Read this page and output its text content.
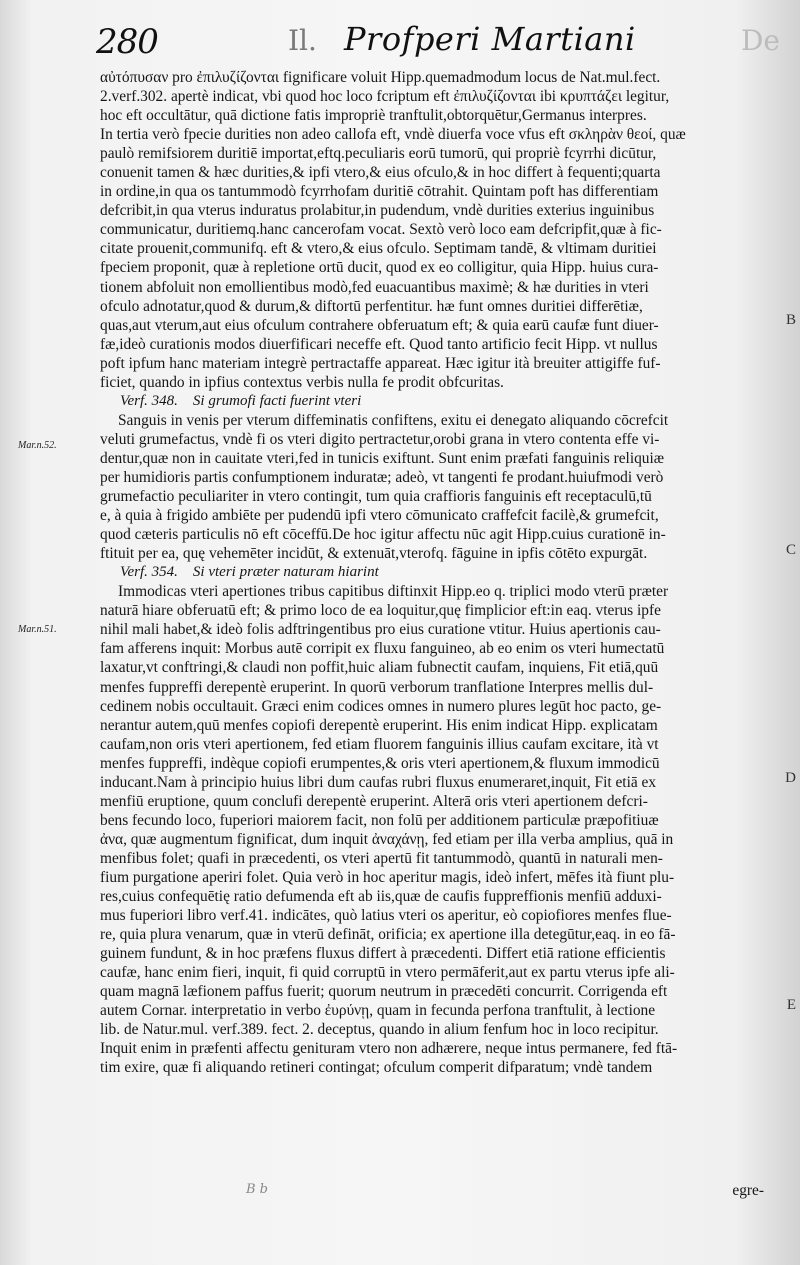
280	Il. Profperi Martiani	De
Mar.n.52.
Mar.n.51.
B
C
D
E
αὐτόπυσαν pro ἐπιλυζίζονται fignificare voluit Hipp.quemadmodum locus de Nat.mul.fect.
2.verf.302. apertè indicat, vbi quod hoc loco fcriptum eft ἐπιλυζίζονται ibi κρυπτάζει legitur,
hoc eft occultātur, quā dictione fatis impropriè tranftulit,obtorquētur,Germanus interpres.
In tertia verò fpecie durities non adeo callofa eft, vndè diuerfa voce vfus eft σκληρὰν θεοί, quæ
paulò remifsiorem duritiē importat,eftq.peculiaris eorū tumorū, qui propriè fcyrrhi dicūtur,
conuenit tamen & hæc durities,& ipfi vtero,& eius ofculo,& in hoc differt à fequenti;quarta
in ordine,in qua os tantummodò fcyrrhofam duritiē cōtrahit. Quintam poft has differentiam
defcribit,in qua vterus induratus prolabitur,in pudendum, vndè durities exterius inguinibus
communicatur, duritiemq.hanc cancerofam vocat. Sextò verò loco eam defcripfit,quæ à fic-
citate prouenit,communifq. eft & vtero,& eius ofculo. Septimam tandē, & vltimam duritiei
fpeciem proponit, quæ à repletione ortū ducit, quod ex eo colligitur, quia Hipp. huius cura-
tionem abfoluit non emollientibus modò,fed euacuantibus maximè; & hæ durities in vteri
ofculo adnotatur,quod & durum,& diftortū perfentitur. hæ funt omnes duritiei differētiæ,
quas,aut vterum,aut eius ofculum contrahere obferuatum eft; & quia earū caufæ funt diuer-
fæ,ideò curationis modos diuerfificari neceffe eft. Quod tanto artificio fecit Hipp. vt nullus
poft ipfum hanc materiam integrè pertractaffe appareat. Hæc igitur ità breuiter attigiffe fuf-
ficiet, quando in ipfius contextus verbis nulla fe prodit obfcuritas.
Verf. 348. Si grumofi facti fuerint vteri
Sanguis in venis per vterum diffeminatis confiftens, exitu ei denegato aliquando cōcrefcit
veluti grumefactus, vndè fi os vteri digito pertractetur,orobi grana in vtero contenta effe vi-
dentur,quæ non in cauitate vteri,fed in tunicis exiftunt. Sunt enim præfati fanguinis reliquiæ
per humidioris partis confumptionem induratæ; adeò, vt tangenti fe prodant.huiufmodi verò
grumefactio peculiariter in vtero contingit, tum quia craffioris fanguinis eft receptaculū,tū
e, à quia à frigido ambiēte per pudendū ipfi vtero cōmunicato craffefcit facilè,& grumefcit,
quod cæteris particulis nō eft cōceffū.De hoc igitur affectu nūc agit Hipp.cuius curationē in-
ftituit per ea, quę vehemēter incidūt, & extenuāt,vterofq. fāguine in ipfis cōtēto expurgāt.
Verf. 354. Si vteri præter naturam hiarint
Immodicas vteri apertiones tribus capitibus diftinxit Hipp.eo q. triplici modo vterū præter
naturā hiare obferuatū eft; & primo loco de ea loquitur,quę fimplicior eft:in eaq. vterus ipfe
nihil mali habet,& ideò folis adftringentibus pro eius curatione vtitur. Huius apertionis cau-
fam afferens inquit: Morbus autē corripit ex fluxu fanguineo, ab eo enim os vteri humectatū
laxatur,vt conftringi,& claudi non poffit,huic aliam fubnectit caufam, inquiens, Fit etiā,quū
menfes fuppreffi derepentè eruperint. In quorū verborum tranflatione Interpres mellis dul-
cedinem nobis occultauit. Græci enim codices omnes in numero plures legūt hoc pacto, ge-
nerantur autem,quū menfes copiofi derepentè eruperint. His enim indicat Hipp. explicatam
caufam,non oris vteri apertionem, fed etiam fluorem fanguinis illius caufam excitare, ità vt
menfes fuppreffi, indèque copiofi erumpentes,& oris vteri apertionem,& fluxum immodicū
inducant.Nam à principio huius libri dum caufas rubri fluxus enumeraret,inquit, Fit etiā ex
menfiū eruptione, quum conclufi derepentè eruperint. Alterā oris vteri apertionem defcri-
bens fecundo loco, fuperiori maiorem facit, non folū per additionem particulæ præpofitiuæ
ἀνα, quæ augmentum fignificat, dum inquit ἀναχάνῃ, fed etiam per illa verba amplius, quā in
menfibus folet; quafi in præcedenti, os vteri apertū fit tantummodò, quantū in naturali men-
fium purgatione aperiri folet. Quia verò in hoc aperitur magis, ideò infert, mēfes ità fiunt plu-
res,cuius confequētię ratio defumenda eft ab iis,quæ de caufis fuppreffionis menfiū adduxi-
mus fuperiori libro verf.41. indicātes, quò latius vteri os aperitur, eò copiofiores menfes flue-
re, quia plura venarum, quæ in vterū defināt, orificia; ex apertione illa detegūtur,eaq. in eo fā-
guinem fundunt, & in hoc præfens fluxus differt à præcedenti. Differt etiā ratione efficientis
caufæ, hanc enim fieri, inquit, fi quid corruptū in vtero permāferit,aut ex partu vterus ipfe ali-
quam magnā læfionem paffus fuerit; quorum neutrum in præcedēti concurrit. Corrigenda eft
autem Cornar. interpretatio in verbo ἐυρύνῃ, quam in fecunda perfona tranftulit, à lectione
lib. de Natur.mul. verf.389. fect. 2. deceptus, quando in alium fenfum hoc in loco recipitur.
Inquit enim in præfenti affectu genituram vtero non adhærere, neque intus permanere, fed ftā-
tim exire, quæ fi aliquando retineri contingat; ofculum comperit difparatum; vndè tandem
B b	egre-
